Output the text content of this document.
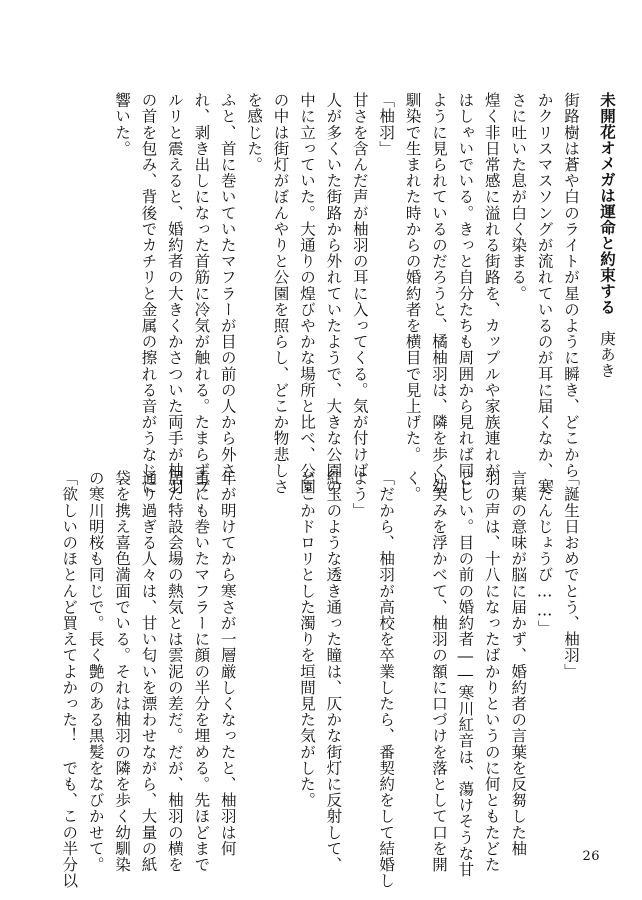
未開花オメガは運命と約束する　庚あき
街路樹は蒼や白のライトが星のように瞬き、どこから
かクリスマスソングが流れているのが耳に届くなか、寒
さに吐いた息が白く染まる。
煌く非日常感に溢れる街路を、カップルや家族連れが
はしゃいでいる。きっと自分たちも周囲から見れば同じ
ように見られているのだろうと、橘柚羽は、隣を歩く幼
馴染で生まれた時からの婚約者を横目で見上げた。
「柚羽」
甘さを含んだ声が柚羽の耳に入ってくる。気が付けば
人が多くいた街路から外れていたようで、大きな公園の
中に立っていた。大通りの煌びやかな場所と比べ、公園
の中は街灯がぼんやりと公園を照らし、どこか物悲しさ
を感じた。
ふと、首に巻いていたマフラーが目の前の人から外さ
れ、剥き出しになった首筋に冷気が触れる。たまらずブ
ルリと震えると、婚約者の大きくかさついた両手が柚羽
の首を包み、背後でカチリと金属の擦れる音がうなじに
響いた。
「誕生日おめでとう、柚羽」
「たんじょうび……」
言葉の意味が脳に届かず、婚約者の言葉を反芻した柚
羽の声は、十八になったばかりというのに何ともたどた
どしい。目の前の婚約者――寒川紅音は、蕩けそうな甘
い笑みを浮かべて、柚羽の額に口づけを落として口を開
く。
「だから、柚羽が高校を卒業したら、番契約をして結婚し
よう」
紅玉のような透き通った瞳は、仄かな街灯に反射して、
どこかドロリとした濁りを垣間見た気がした。

年が明けてから寒さが一層厳しくなったと、柚羽は何
重にも巻いたマフラーに顔の半分を埋める。先ほどまで
居た特設会場の熱気とは雲泥の差だ。だが、柚羽の横を
通り過ぎる人々は、甘い匂いを漂わせながら、大量の紙
袋を携え喜色満面でいる。それは柚羽の隣を歩く幼馴染
の寒川明桜も同じで。長く艶のある黒髪をなびかせて。
「欲しいのほとんど買えてよかった！　でも、この半分以	26
